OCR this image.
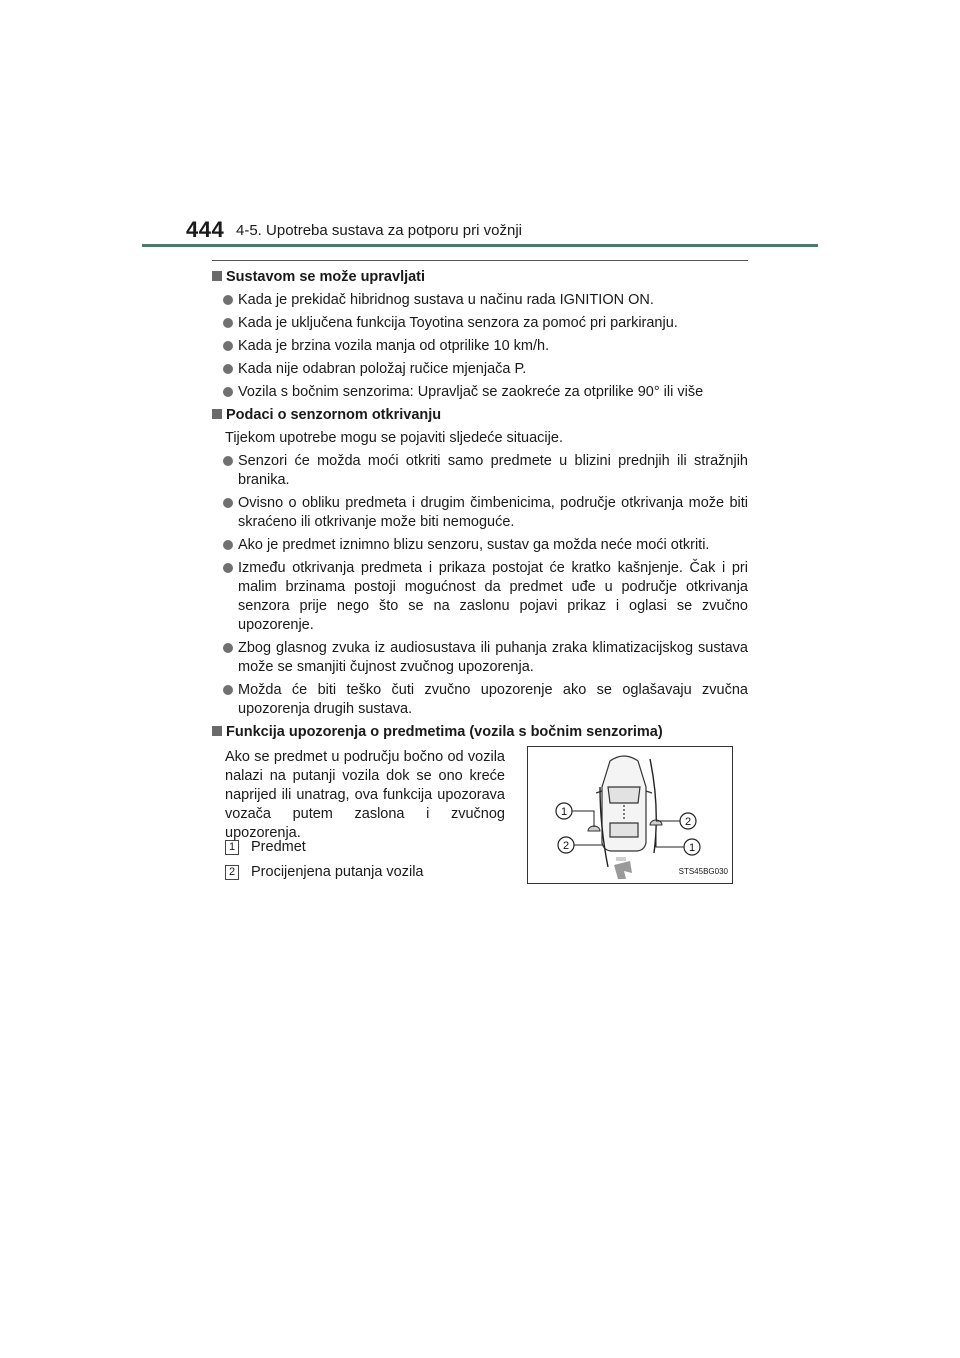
444 4-5. Upotreba sustava za potporu pri vožnji
Sustavom se može upravljati
Kada je prekidač hibridnog sustava u načinu rada IGNITION ON.
Kada je uključena funkcija Toyotina senzora za pomoć pri parkiranju.
Kada je brzina vozila manja od otprilike 10 km/h.
Kada nije odabran položaj ručice mjenjača P.
Vozila s bočnim senzorima: Upravljač se zaokreće za otprilike 90° ili više
Podaci o senzornom otkrivanju
Tijekom upotrebe mogu se pojaviti sljedeće situacije.
Senzori će možda moći otkriti samo predmete u blizini prednjih ili stražnjih branika.
Ovisno o obliku predmeta i drugim čimbenicima, područje otkrivanja može biti skraćeno ili otkrivanje može biti nemoguće.
Ako je predmet iznimno blizu senzoru, sustav ga možda neće moći otkriti.
Između otkrivanja predmeta i prikaza postojat će kratko kašnjenje. Čak i pri malim brzinama postoji mogućnost da predmet uđe u područje otkrivanja senzora prije nego što se na zaslonu pojavi prikaz i oglasi se zvučno upozorenje.
Zbog glasnog zvuka iz audiosustava ili puhanja zraka klimatizacijskog sustava može se smanjiti čujnost zvučnog upozorenja.
Možda će biti teško čuti zvučno upozorenje ako se oglašavaju zvučna upozorenja drugih sustava.
Funkcija upozorenja o predmetima (vozila s bočnim senzorima)
Ako se predmet u području bočno od vozila nalazi na putanji vozila dok se ono kreće naprijed ili unatrag, ova funkcija upozorava vozača putem zaslona i zvučnog upozorenja.
1 Predmet
2 Procijenjena putanja vozila
1
2
2
1
STS45BG030
